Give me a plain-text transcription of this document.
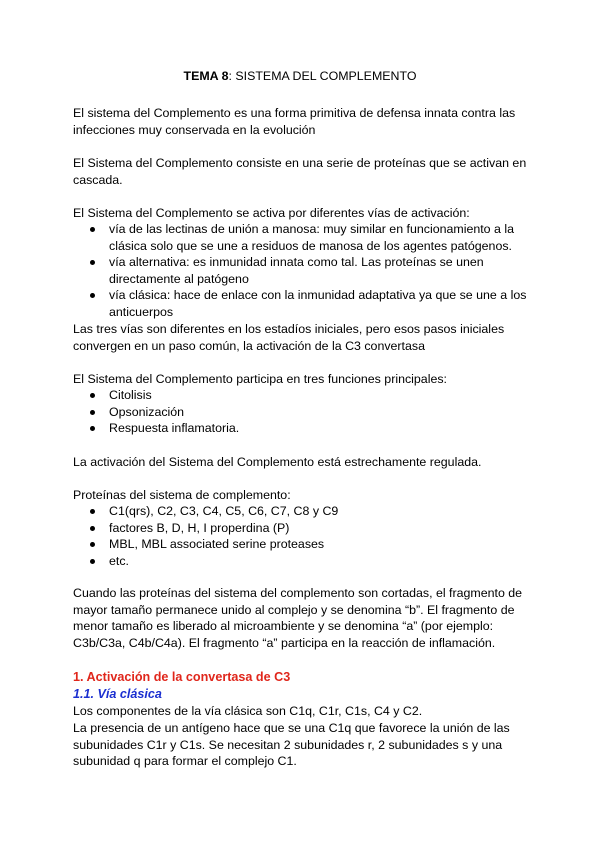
TEMA 8: SISTEMA DEL COMPLEMENTO
El sistema del Complemento es una forma primitiva de defensa innata contra las infecciones muy conservada en la evolución
El Sistema del Complemento consiste en una serie de proteínas que se activan en cascada.
El Sistema del Complemento se activa por diferentes vías de activación:
vía de las lectinas de unión a manosa: muy similar en funcionamiento a la clásica solo que se une a residuos de manosa de los agentes patógenos.
vía alternativa: es inmunidad innata como tal. Las proteínas se unen directamente al patógeno
vía clásica: hace de enlace con la inmunidad adaptativa ya que se une a los anticuerpos
Las tres vías son diferentes en los estadíos iniciales, pero esos pasos iniciales convergen en un paso común, la activación de la C3 convertasa
El Sistema del Complemento participa en tres funciones principales:
Citolisis
Opsonización
Respuesta inflamatoria.
La activación del Sistema del Complemento está estrechamente regulada.
Proteínas del sistema de complemento:
C1(qrs), C2, C3, C4, C5, C6, C7, C8 y C9
factores B, D, H, I properdina (P)
MBL, MBL associated serine proteases
etc.
Cuando las proteínas del sistema del complemento son cortadas, el fragmento de mayor tamaño permanece unido al complejo y se denomina “b”. El fragmento de menor tamaño es liberado al microambiente y se denomina “a” (por ejemplo: C3b/C3a, C4b/C4a). El fragmento “a” participa en la reacción de inflamación.
1. Activación de la convertasa de C3
1.1. Vía clásica
Los componentes de la vía clásica son C1q, C1r, C1s, C4 y C2.
La presencia de un antígeno hace que se una C1q que favorece la unión de las subunidades C1r y C1s. Se necesitan 2 subunidades r, 2 subunidades s y una subunidad q para formar el complejo C1.
